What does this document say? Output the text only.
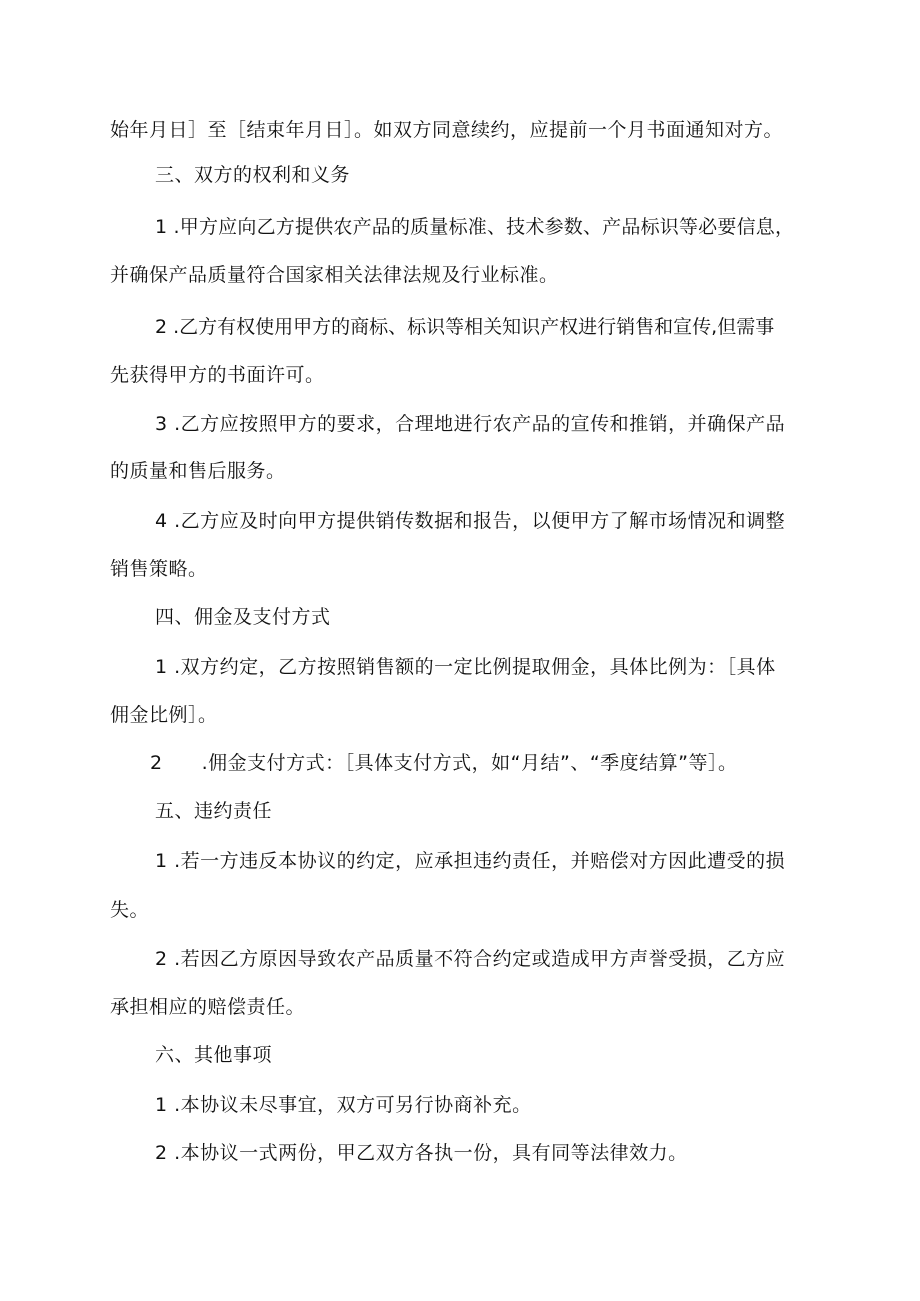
始年月日］至［结束年月日］。如双方同意续约，应提前一个月书面通知对方。
三、双方的权利和义务
1 .甲方应向乙方提供农产品的质量标准、技术参数、产品标识等必要信息，
并确保产品质量符合国家相关法律法规及行业标准。
2 .乙方有权使用甲方的商标、标识等相关知识产权进行销售和宣传,但需事
先获得甲方的书面许可。
3 .乙方应按照甲方的要求，合理地进行农产品的宣传和推销，并确保产品
的质量和售后服务。
4 .乙方应及时向甲方提供销传数据和报告，以便甲方了解市场情况和调整
销售策略。
四、佣金及支付方式
1 .双方约定，乙方按照销售额的一定比例提取佣金，具体比例为：［具体
佣金比例］。
2　　.佣金支付方式：［具体支付方式，如“月结”、“季度结算”等］。
五、违约责任
1 .若一方违反本协议的约定，应承担违约责任，并赔偿对方因此遭受的损
失。
2 .若因乙方原因导致农产品质量不符合约定或造成甲方声誉受损，乙方应
承担相应的赔偿责任。
六、其他事项
1 .本协议未尽事宜，双方可另行协商补充。
2 .本协议一式两份，甲乙双方各执一份，具有同等法律效力。
